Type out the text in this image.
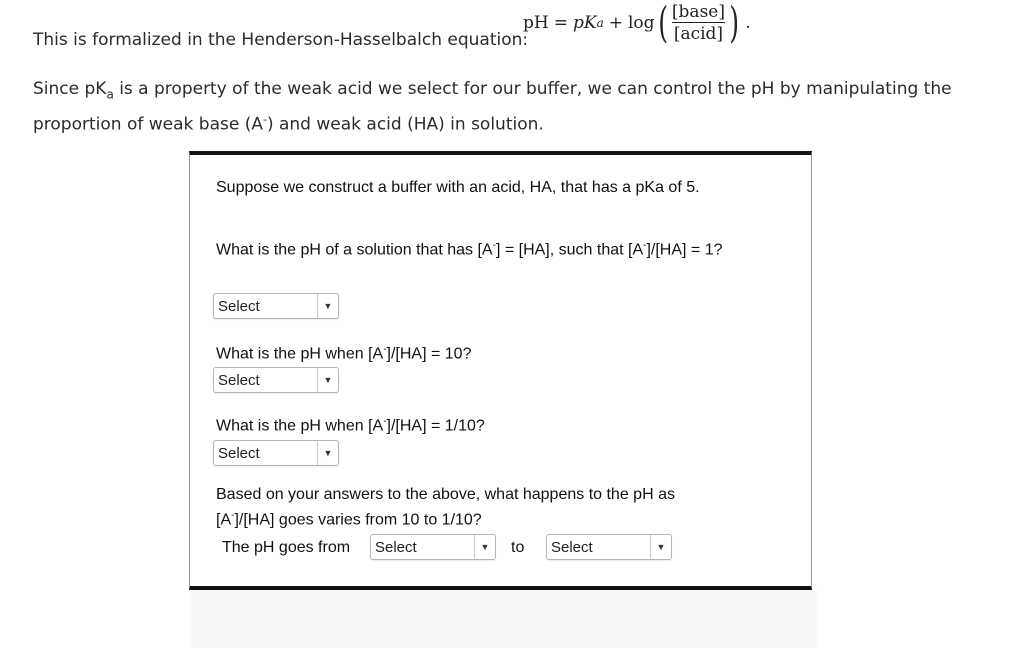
This is formalized in the Henderson-Hasselbalch equation:
pH = p K a + log ( $\frac{\text{[base]}}{\text{[acid]}}$ ) .
Since $pK_a$ is a property of the weak acid we select for our buffer, we can control the pH by manipulating the proportion of weak base (A-) and weak acid (HA) in solution.
Suppose we construct a buffer with an acid, HA, that has a pKa of 5.
What is the pH of a solution that has [A-] = [HA], such that [A-]/[HA] = 1?
Select	▼
What is the pH when [A-]/[HA] = 10?
Select	▼
What is the pH when [A-]/[HA] = 1/10?
Select	▼
Based on your answers to the above, what happens to the pH as [A-]/[HA] goes varies from 10 to 1/10?
The pH goes from Select	▼	to Select	▼
